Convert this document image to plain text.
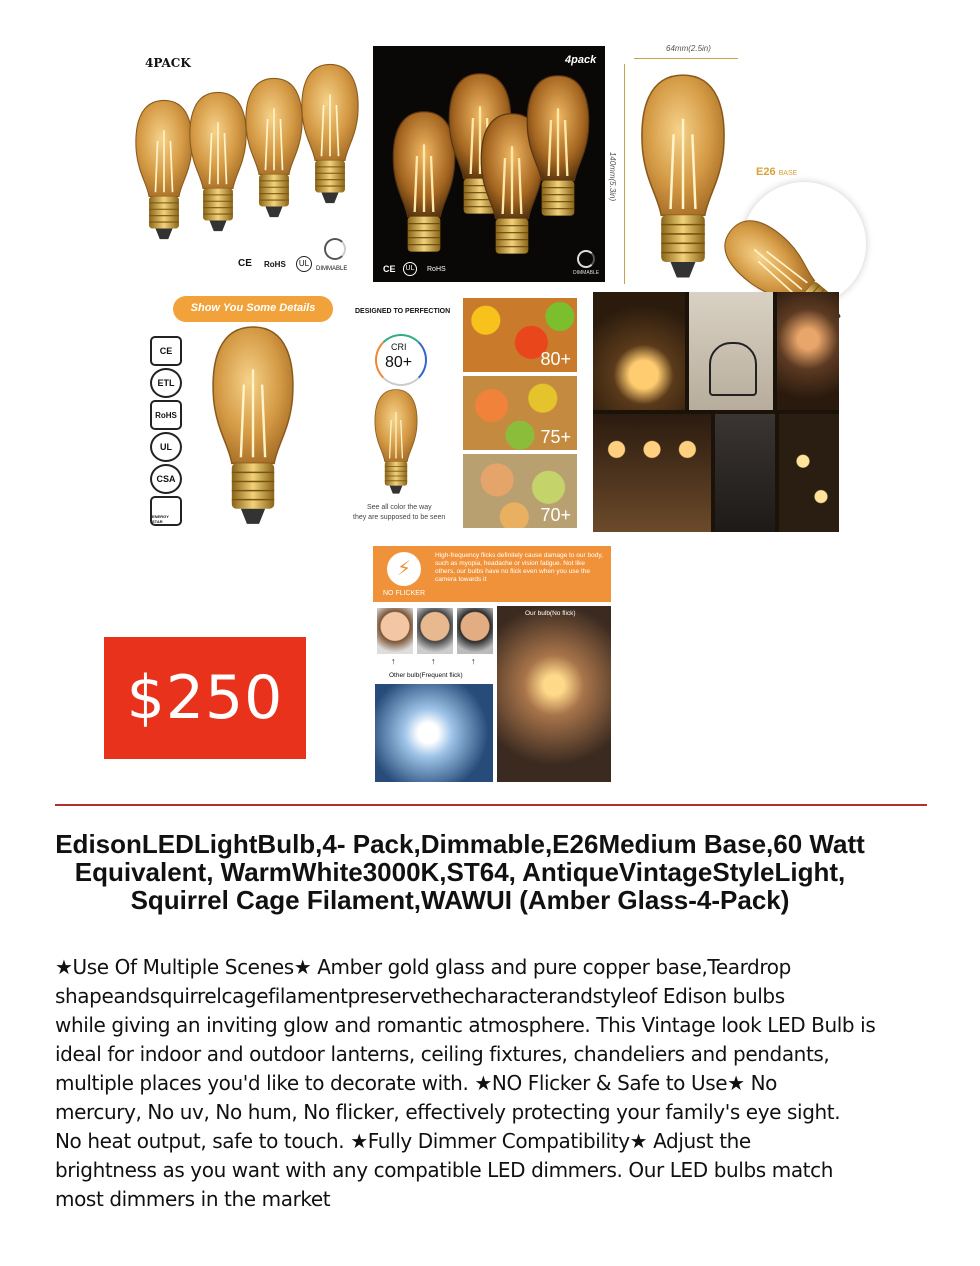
4PACK
CE RoHS	UL
DIMMABLE
4pack
CE	UL	RoHS	DIMMABLE
64mm(2.5in)
140mm(5.3in)	E26 BASE
Show You Some Details
CE
ETL
RoHS
UL
CSA
ENERGY STAR
DESIGNED TO PERFECTION
CRI
80+
See all color the way
they are supposed to be seen
80+
75+
70+
⚡
NO FLICKER
High-frequency flicks definitely cause damage to our body, such as myopia, headache or vision fatigue. Not like others, our bulbs have no flick even when you use the camera towards it
↑	↑	↑
Other bulb(Frequent flick)
Our bulb(No flick)
$250
EdisonLEDLightBulb,4- Pack,Dimmable,E26Medium Base,60 Watt Equivalent, WarmWhite3000K,ST64, AntiqueVintageStyleLight, Squirrel Cage Filament,WAWUI (Amber Glass-4-Pack)
★Use Of Multiple Scenes★ Amber gold glass and pure copper base,Teardrop
shapeandsquirrelcagefilamentpreservethecharacterandstyleof Edison bulbs
while giving an inviting glow and romantic atmosphere. This Vintage look LED Bulb is
ideal for indoor and outdoor lanterns, ceiling fixtures, chandeliers and pendants,
multiple places you'd like to decorate with. ★NO Flicker & Safe to Use★ No
mercury, No uv, No hum, No flicker, effectively protecting your family's eye sight.
No heat output, safe to touch. ★Fully Dimmer Compatibility★ Adjust the
brightness as you want with any compatible LED dimmers. Our LED bulbs match
most dimmers in the market
